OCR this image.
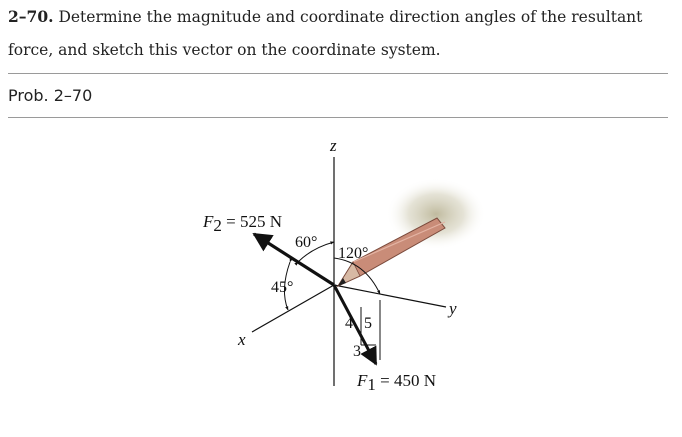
2–70. Determine the magnitude and coordinate direction angles of the resultant force, and sketch this vector on the coordinate system.

Prob. 2–70
z
y
x
F2 = 525 N
F1 = 450 N
60°
120°
45°
4 5
3
